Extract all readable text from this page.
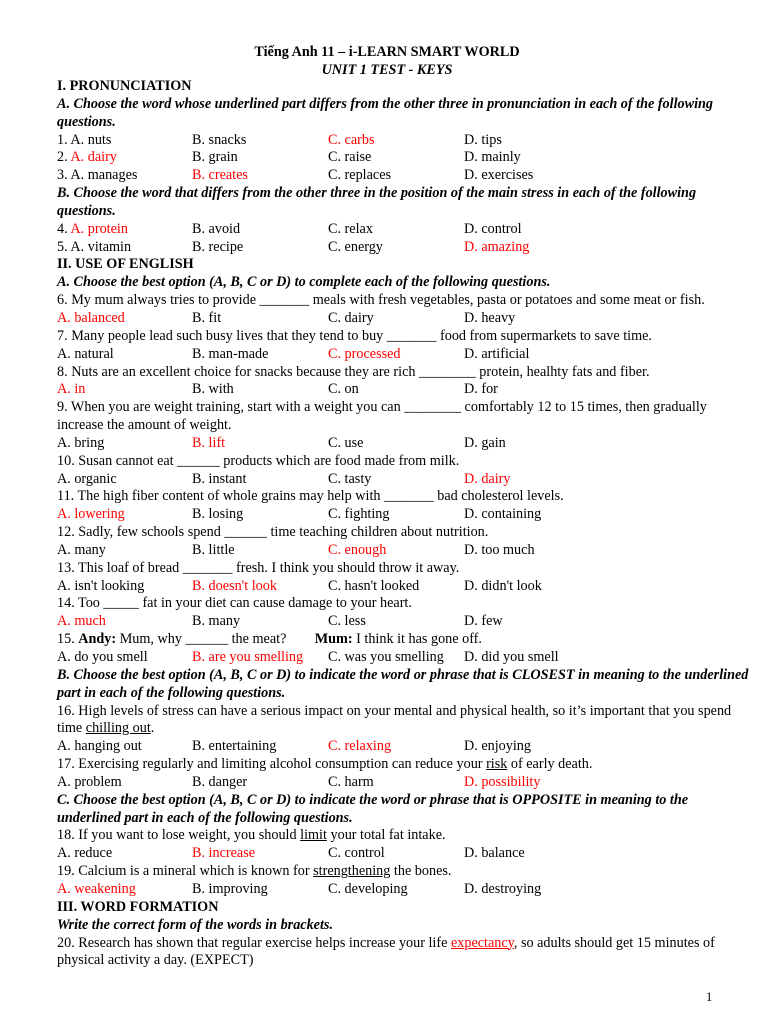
Tiếng Anh 11 – i-LEARN SMART WORLD
UNIT 1 TEST - KEYS
I. PRONUNCIATION
A. Choose the word whose underlined part differs from the other three in pronunciation in each of the following questions.
1. A. nuts	B. snacks	C. carbs	D. tips
2. A. dairy	B. grain	C. raise	D. mainly
3. A. manages	B. creates	C. replaces	D. exercises
B. Choose the word that differs from the other three in the position of the main stress in each of the following questions.
4. A. protein	B. avoid	C. relax	D. control
5. A. vitamin	B. recipe	C. energy	D. amazing
II. USE OF ENGLISH
A. Choose the best option (A, B, C or D) to complete each of the following questions.
6. My mum always tries to provide _______ meals with fresh vegetables, pasta or potatoes and some meat or fish.
A. balanced	B. fit	C. dairy	D. heavy
7. Many people lead such busy lives that they tend to buy _______ food from supermarkets to save time.
A. natural	B. man-made	C. processed	D. artificial
8. Nuts are an excellent choice for snacks because they are rich ________ protein, healhty fats and fiber.
A. in	B. with	C. on	D. for
9. When you are weight training, start with a weight you can ________ comfortably 12 to 15 times, then gradually increase the amount of weight.
A. bring	B. lift	C. use	D. gain
10. Susan cannot eat ______ products which are food made from milk.
A. organic	B. instant	C. tasty	D. dairy
11. The high fiber content of whole grains may help with _______ bad cholesterol levels.
A. lowering	B. losing	C. fighting	D. containing
12. Sadly, few schools spend ______ time teaching children about nutrition.
A. many	B. little	C. enough	D. too much
13. This loaf of bread _______ fresh. I think you should throw it away.
A. isn't looking	B. doesn't look	C. hasn't looked	D. didn't look
14. Too _____ fat in your diet can cause damage to your heart.
A. much	B. many	C. less	D. few
15. Andy: Mum, why ______ the meat?        Mum: I think it has gone off.
A. do you smell	B. are you smelling C. was you smelling D. did you smell
B. Choose the best option (A, B, C or D) to indicate the word or phrase that is CLOSEST in meaning to the underlined part in each of the following questions.
16. High levels of stress can have a serious impact on your mental and physical health, so it’s important that you spend time chilling out.
A. hanging out	B. entertaining	C. relaxing	D. enjoying
17. Exercising regularly and limiting alcohol consumption can reduce your risk of early death.
A. problem	B. danger	C. harm	D. possibility
C. Choose the best option (A, B, C or D) to indicate the word or phrase that is OPPOSITE in meaning to the underlined part in each of the following questions.
18. If you want to lose weight, you should limit your total fat intake.
A. reduce	B. increase	C. control	D. balance
19. Calcium is a mineral which is known for strengthening the bones.
A. weakening	B. improving	C. developing	D. destroying
III. WORD FORMATION
Write the correct form of the words in brackets.
20. Research has shown that regular exercise helps increase your life expectancy, so adults should get 15 minutes of physical activity a day. (EXPECT)
1
